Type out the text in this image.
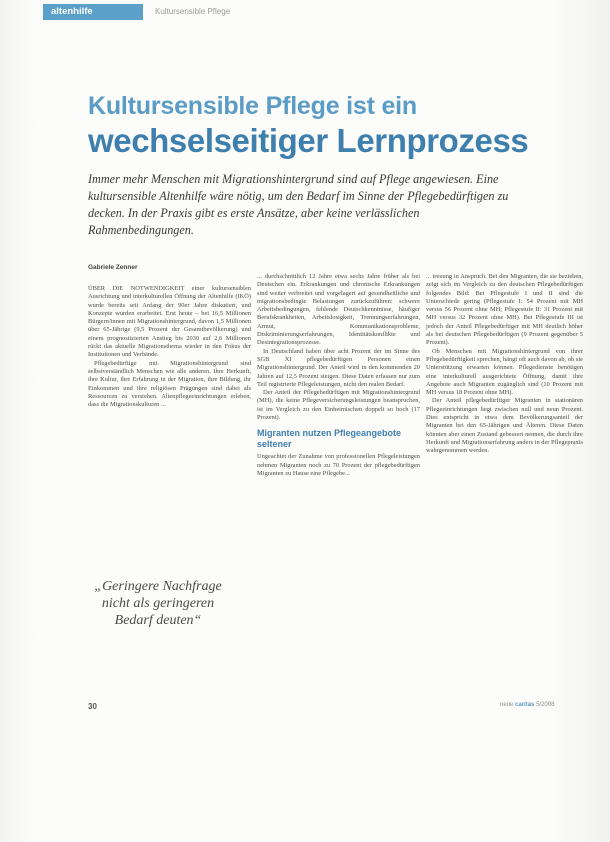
altenhilfe	Kultursensible Pflege
Kultursensible Pflege ist ein
wechselseitiger Lernprozess
Immer mehr Menschen mit Migrationshintergrund sind auf Pflege angewiesen. Eine kultursensible Altenhilfe wäre nötig, um den Bedarf im Sinne der Pflegebedürftigen zu decken. In der Praxis gibt es erste Ansätze, aber keine verlässlichen Rahmenbedingungen.
Gabriele Zenner

ÜBER DIE NOTWENDIGKEIT einer kultursensiblen Ausrichtung und interkulturellen Öffnung der Altenhilfe (IKÖ) wurde bereits seit Anfang der 90er Jahre diskutiert, und Konzepte wurden erarbeitet. Erst heute – bei 16,5 Millionen Bürgern/innen mit Migrationshintergrund, davon 1,5 Millionen über 65-Jährige (9,5 Prozent der Gesamtbevölkerung) und einem prognostizierten Anstieg bis 2030 auf 2,6 Millionen rückt das aktuelle Migrationsthema wieder in den Fokus der Institutionen und Verbände.

Pflegebedürftige mit Migrationshintergrund sind selbstverständlich Menschen wie alle anderen. Ihre Herkunft, ihre Kultur, ihre Erfahrung in der Migration, ihre Bildung, ihr Einkommen und ihre religiösen Prägungen sind dabei als Ressourcen zu verstehen. Altenpflegeeinrichtungen erleben, dass die Migrationskulturen ...

„Geringere Nachfrage nicht als geringeren Bedarf deuten“

... durchschnittlich 12 Jahre etwa sechs Jahre früher als bei Deutschen ein. Erkrankungen und chronische Erkrankungen sind weiter verbreitet und vorgelagert auf gesundheitliche und migrationsbedingte Belastungen zurückzuführen: schwere Arbeitsbedingungen, fehlende Deutschkenntnisse, häufiger Berufskrankheiten, Arbeitslosigkeit, Trennungserfahrungen, Armut, Kommunikationsprobleme, Diskriminierungserfahrungen, Identitätskonflikte und Desintegrationsprozesse.

In Deutschland haben über acht Prozent der im Sinne des SGB XI pflegebedürftigen Personen einen Migrationshintergrund. Der Anteil wird in den kommenden 20 Jahren auf 12,5 Prozent steigen. Diese Daten erfassen nur zum Teil registrierte Pflegeleistungen, nicht den realen Bedarf.

Der Anteil der Pflegebedürftigen mit Migrationshintergrund (MH), die keine Pflegeversicherungsleistungen beanspruchen, ist im Vergleich zu den Einheimischen doppelt so hoch (17 Prozent).

Migranten nutzen Pflegeangebote seltener

Ungeachtet der Zunahme von professionellen Pflegeleistungen nehmen Migranten noch zu 70 Prozent der pflegebedürftigen Migranten zu Hause eine Pflegebe...

... treuung in Anspruch. Bei den Migranten, die sie beziehen, zeigt sich im Vergleich zu den deutschen Pflegebedürftigen folgendes Bild: Bei Pflegestufe I und II sind die Unterschiede gering (Pflegestufe I: 54 Prozent mit MH versus 56 Prozent ohne MH; Pflegestufe II: 31 Prozent mit MH versus 32 Prozent ohne MH). Bei Pflegestufe III ist jedoch der Anteil Pflegebedürftiger mit MH deutlich höher als bei deutschen Pflegebedürftigen (9 Prozent gegenüber 5 Prozent).

Ob Menschen mit Migrationshintergrund von ihrer Pflegebedürftigkeit sprechen, hängt oft auch davon ab, ob sie Unterstützung erwarten können. Pflegedienste benötigen eine interkulturell ausgerichtete Öffnung, damit ihre Angebote auch Migranten zugänglich sind (10 Prozent mit MH versus 18 Prozent ohne MH).

Der Anteil pflegebedürftiger Migranten in stationären Pflegeeinrichtungen liegt zwischen null und neun Prozent. Dies entspricht in etwa dem Bevölkerungsanteil der Migranten bei den 65-Jährigen und Älteren. Diese Daten könnten aber einen Zustand gebessert nennen, die durch ihre Herkunft und Migrationserfahrung anders in der Pflegepraxis wahrgenommen werden.

30	neue caritas 5/2008
